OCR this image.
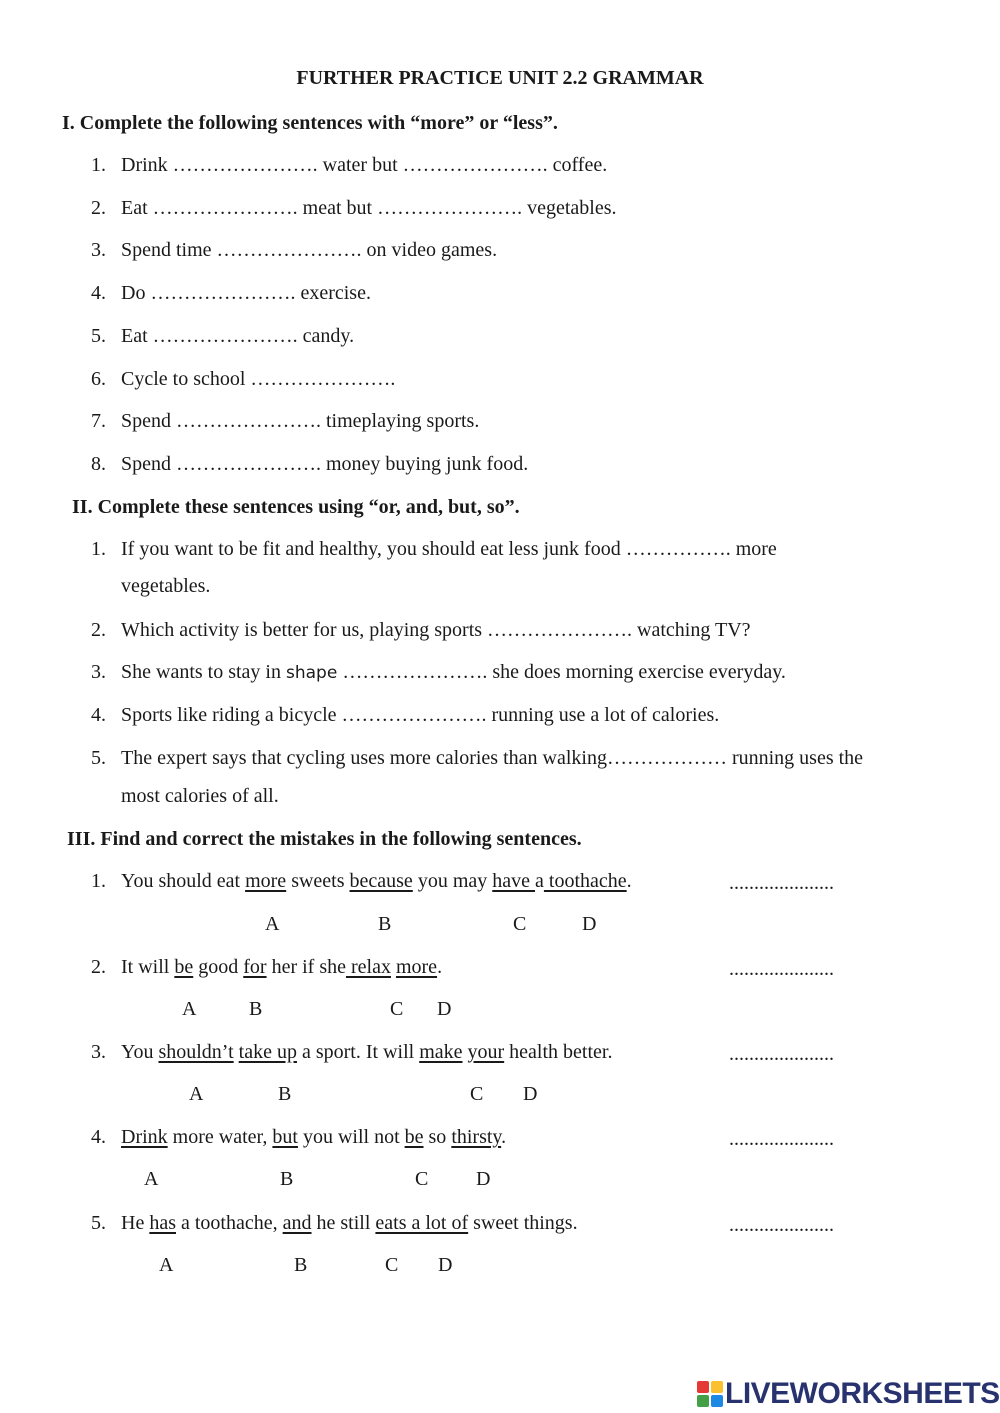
FURTHER PRACTICE UNIT 2.2 GRAMMAR
I. Complete the following sentences with “more” or “less”.
1. Drink …………………. water but …………………. coffee.
2. Eat …………………. meat but …………………. vegetables.
3. Spend time …………………. on video games.
4. Do …………………. exercise.
5. Eat …………………. candy.
6. Cycle to school ………………….
7. Spend …………………. timeplaying sports.
8. Spend …………………. money buying junk food.
II. Complete these sentences using “or, and, but, so”.
1. If you want to be fit and healthy, you should eat less junk food ……………. more
vegetables.
2. Which activity is better for us, playing sports …………………. watching TV?
3. She wants to stay in shape …………………. she does morning exercise everyday.
4. Sports like riding a bicycle …………………. running use a lot of calories.
5. The expert says that cycling uses more calories than walking……………… running uses the
most calories of all.
III. Find and correct the mistakes in the following sentences.
1. You should eat more sweets because you may have a toothache.	.....................
A	B	C	D
2. It will be good for her if she relax more.	.....................
A	B	C D
3. You shouldn’t take up a sport. It will make your health better.	.....................
A	B	C D
4. Drink more water, but you will not be so thirsty.	.....................
A	B	C D
5. He has a toothache, and he still eats a lot of sweet things.	.....................
A	B	C D
LIVEWORKSHEETS
